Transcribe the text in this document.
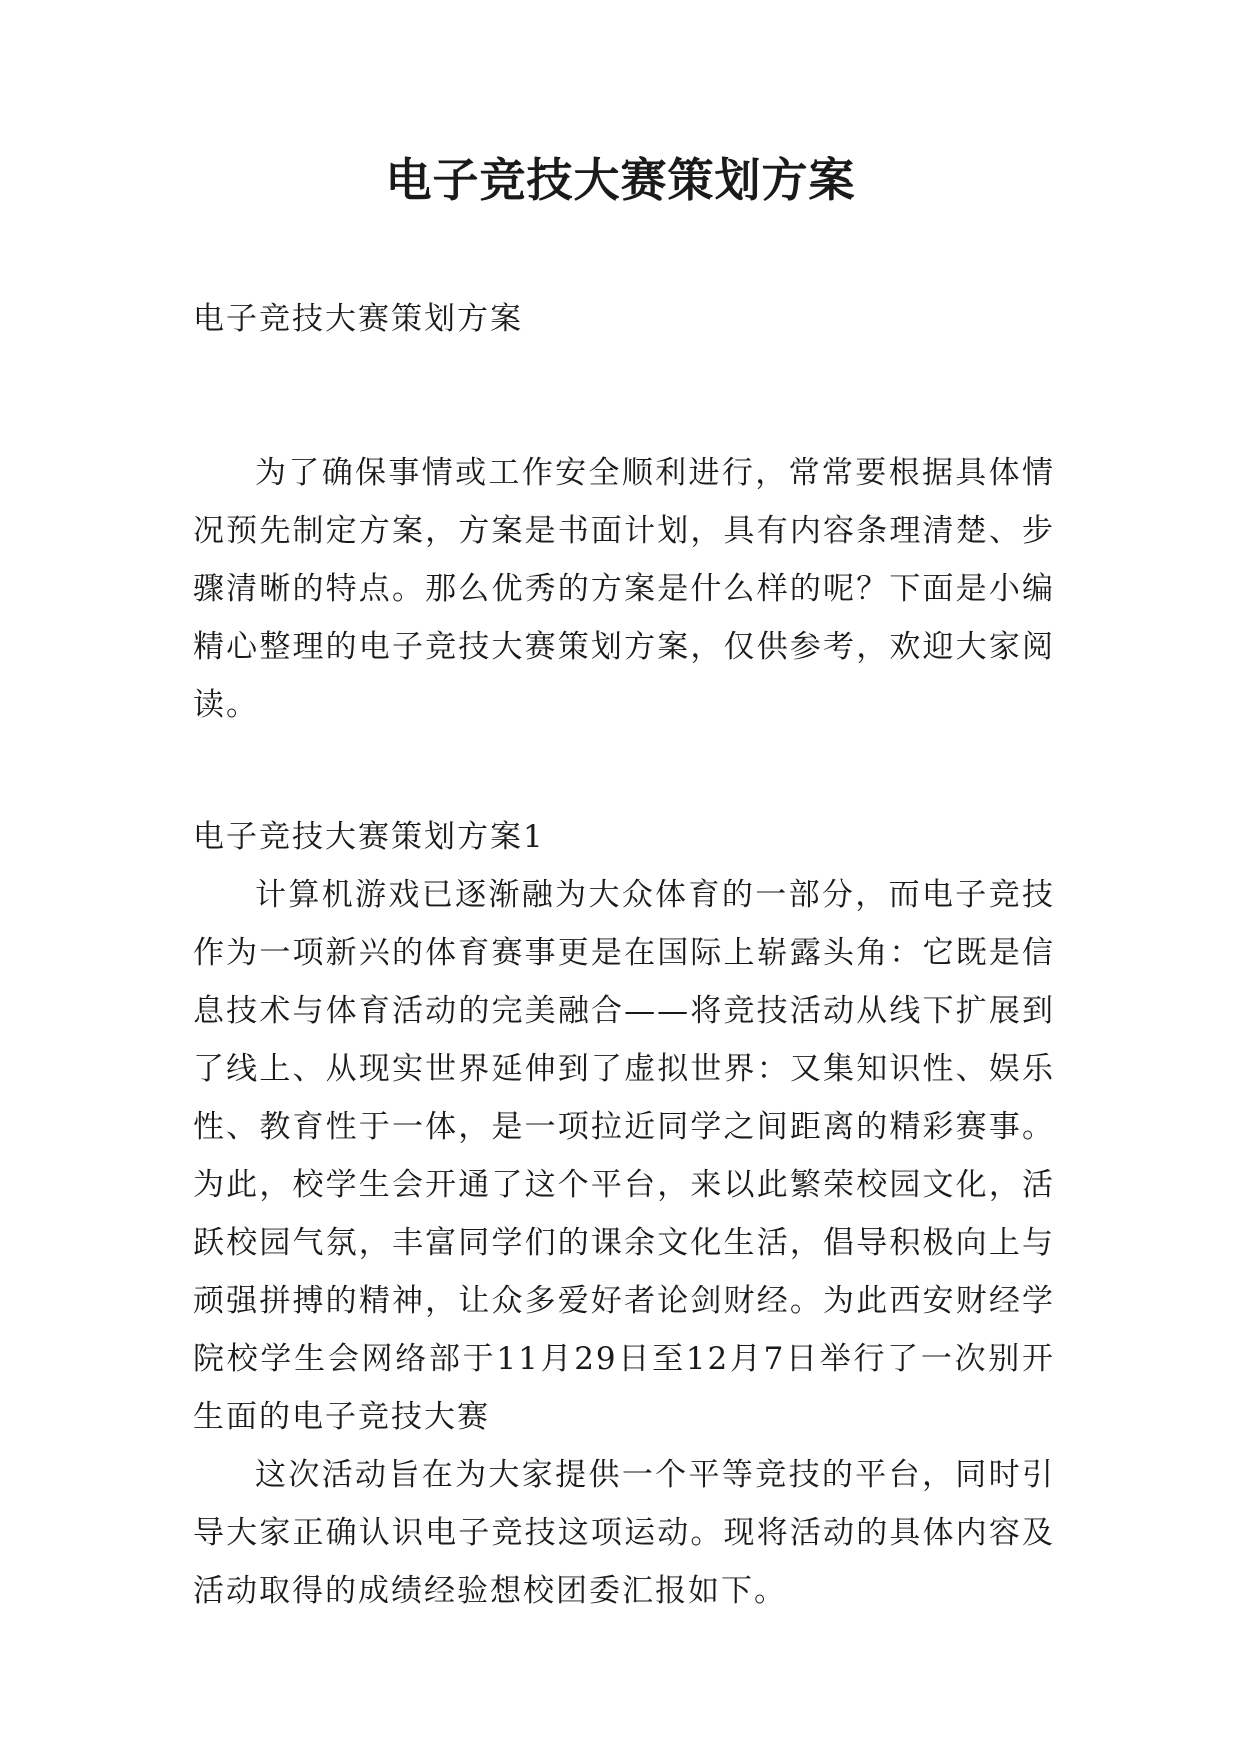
电子竞技大赛策划方案
电子竞技大赛策划方案

为了确保事情或工作安全顺利进行，常常要根据具体情况预先制定方案，方案是书面计划，具有内容条理清楚、步骤清晰的特点。那么优秀的方案是什么样的呢？下面是小编精心整理的电子竞技大赛策划方案，仅供参考，欢迎大家阅读。

电子竞技大赛策划方案1

计算机游戏已逐渐融为大众体育的一部分，而电子竞技作为一项新兴的体育赛事更是在国际上崭露头角：它既是信息技术与体育活动的完美融合——将竞技活动从线下扩展到了线上、从现实世界延伸到了虚拟世界：又集知识性、娱乐性、教育性于一体，是一项拉近同学之间距离的精彩赛事。为此，校学生会开通了这个平台，来以此繁荣校园文化，活跃校园气氛，丰富同学们的课余文化生活，倡导积极向上与顽强拼搏的精神，让众多爱好者论剑财经。为此西安财经学院校学生会网络部于11月29日至12月7日举行了一次别开生面的电子竞技大赛

这次活动旨在为大家提供一个平等竞技的平台，同时引导大家正确认识电子竞技这项运动。现将活动的具体内容及活动取得的成绩经验想校团委汇报如下。
